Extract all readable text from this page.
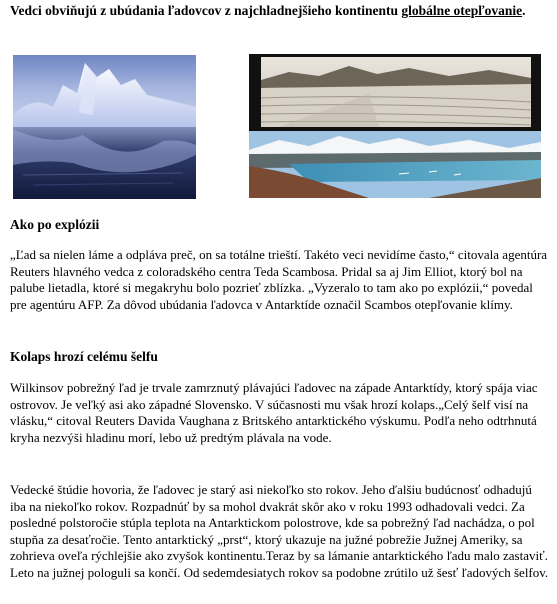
Vedci obviňujú z ubúdania ľadovcov z najchladnejšieho kontinentu globálne otepľovanie.
Ako po explózii

„Ľad sa nielen láme a odpláva preč, on sa totálne trieští. Takéto veci nevidíme často,“ citovala agentúra Reuters hlavného vedca z coloradského centra Teda Scambosa. Pridal sa aj Jim Elliot, ktorý bol na palube lietadla, ktoré si megakryhu bolo pozrieť zblízka. „Vyzeralo to tam ako po explózii,“ povedal pre agentúru AFP. Za dôvod ubúdania ľadovca v Antarktíde označil Scambos otepľovanie klímy.

Kolaps hrozí celému šelfu

Wilkinsov pobrežný ľad je trvale zamrznutý plávajúci ľadovec na západe Antarktídy, ktorý spája viac ostrovov. Je veľký asi ako západné Slovensko. V súčasnosti mu však hrozí kolaps.„Celý šelf visí na vlásku,“ citoval Reuters Davida Vaughana z Britského antarktického výskumu. Podľa neho odtrhnutá kryha nezvýši hladinu morí, lebo už predtým plávala na vode.

Vedecké štúdie hovoria, že ľadovec je starý asi niekoľko sto rokov. Jeho ďalšiu budúcnosť odhadujú iba na niekoľko rokov. Rozpadnúť by sa mohol dvakrát skôr ako v roku 1993 odhadovali vedci. Za posledné polstoročie stúpla teplota na Antarktickom polostrove, kde sa pobrežný ľad nachádza, o pol stupňa za desaťročie. Tento antarktický „prst“, ktorý ukazuje na južné pobrežie Južnej Ameriky, sa zohrieva oveľa rýchlejšie ako zvyšok kontinentu.Teraz by sa lámanie antarktického ľadu malo zastaviť. Leto na južnej pologuli sa končí. Od sedemdesiatych rokov sa podobne zrútilo už šesť ľadových šelfov.
